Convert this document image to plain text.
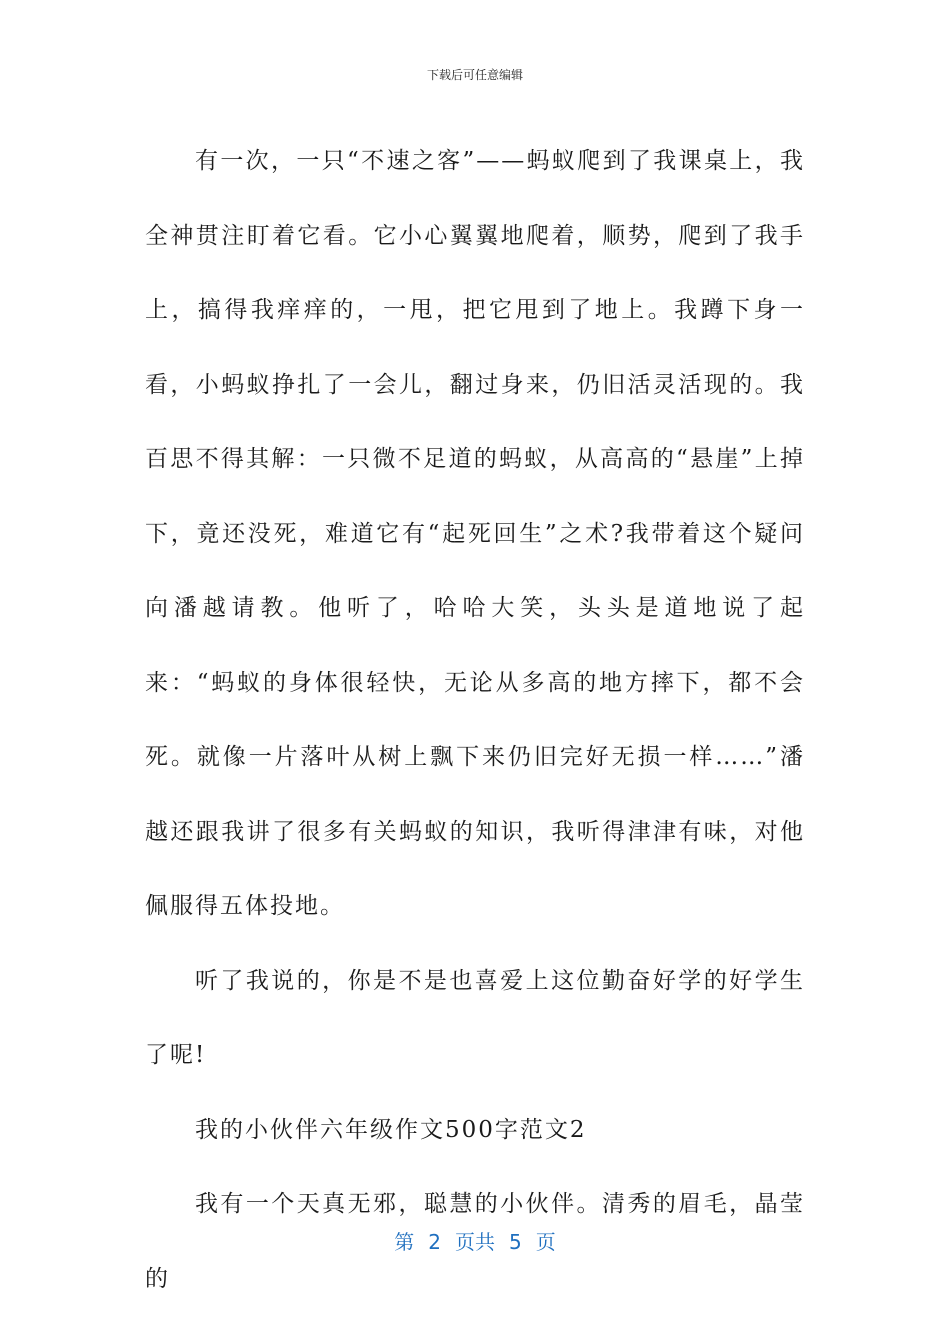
下载后可任意编辑

有一次，一只“不速之客”——蚂蚁爬到了我课桌上，我全神贯注盯着它看。它小心翼翼地爬着，顺势，爬到了我手上，搞得我痒痒的，一甩，把它甩到了地上。我蹲下身一看，小蚂蚁挣扎了一会儿，翻过身来，仍旧活灵活现的。我百思不得其解：一只微不足道的蚂蚁，从高高的“悬崖”上掉下，竟还没死，难道它有“起死回生”之术?我带着这个疑问向潘越请教。他听了，哈哈大笑，头头是道地说了起来：“蚂蚁的身体很轻快，无论从多高的地方摔下，都不会死。就像一片落叶从树上飘下来仍旧完好无损一样……”潘越还跟我讲了很多有关蚂蚁的知识，我听得津津有味，对他佩服得五体投地。

听了我说的，你是不是也喜爱上这位勤奋好学的好学生了呢!

我的小伙伴六年级作文500字范文2

我有一个天真无邪，聪慧的小伙伴。清秀的眉毛，晶莹的

第 2 页共 5 页
